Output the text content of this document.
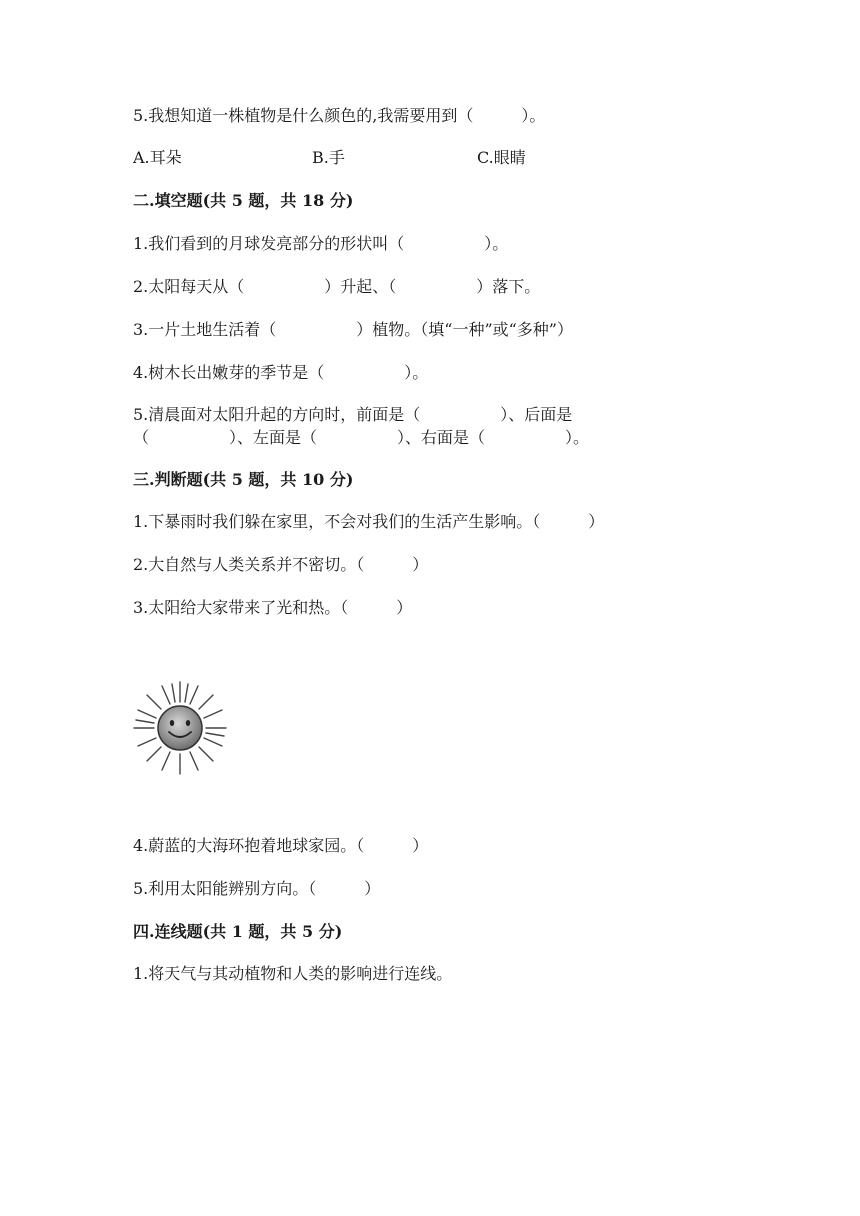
5.我想知道一株植物是什么颜色的,我需要用到（　　　）。
A.耳朵	B.手	C.眼睛
二.填空题(共 5 题，共 18 分)
1.我们看到的月球发亮部分的形状叫（　　　　　）。
2.太阳每天从（　　　　　）升起、（　　　　　）落下。
3.一片土地生活着（　　　　　）植物。（填“一种”或“多种”）
4.树木长出嫩芽的季节是（　　　　　）。
5.清晨面对太阳升起的方向时，前面是（　　　　　）、后面是
（　　　　　）、左面是（　　　　　）、右面是（　　　　　）。
三.判断题(共 5 题，共 10 分)
1.下暴雨时我们躲在家里，不会对我们的生活产生影响。（　　　）
2.大自然与人类关系并不密切。（　　　）
3.太阳给大家带来了光和热。（　　　）
4.蔚蓝的大海环抱着地球家园。（　　　）
5.利用太阳能辨别方向。（　　　）
四.连线题(共 1 题，共 5 分)
1.将天气与其动植物和人类的影响进行连线。
